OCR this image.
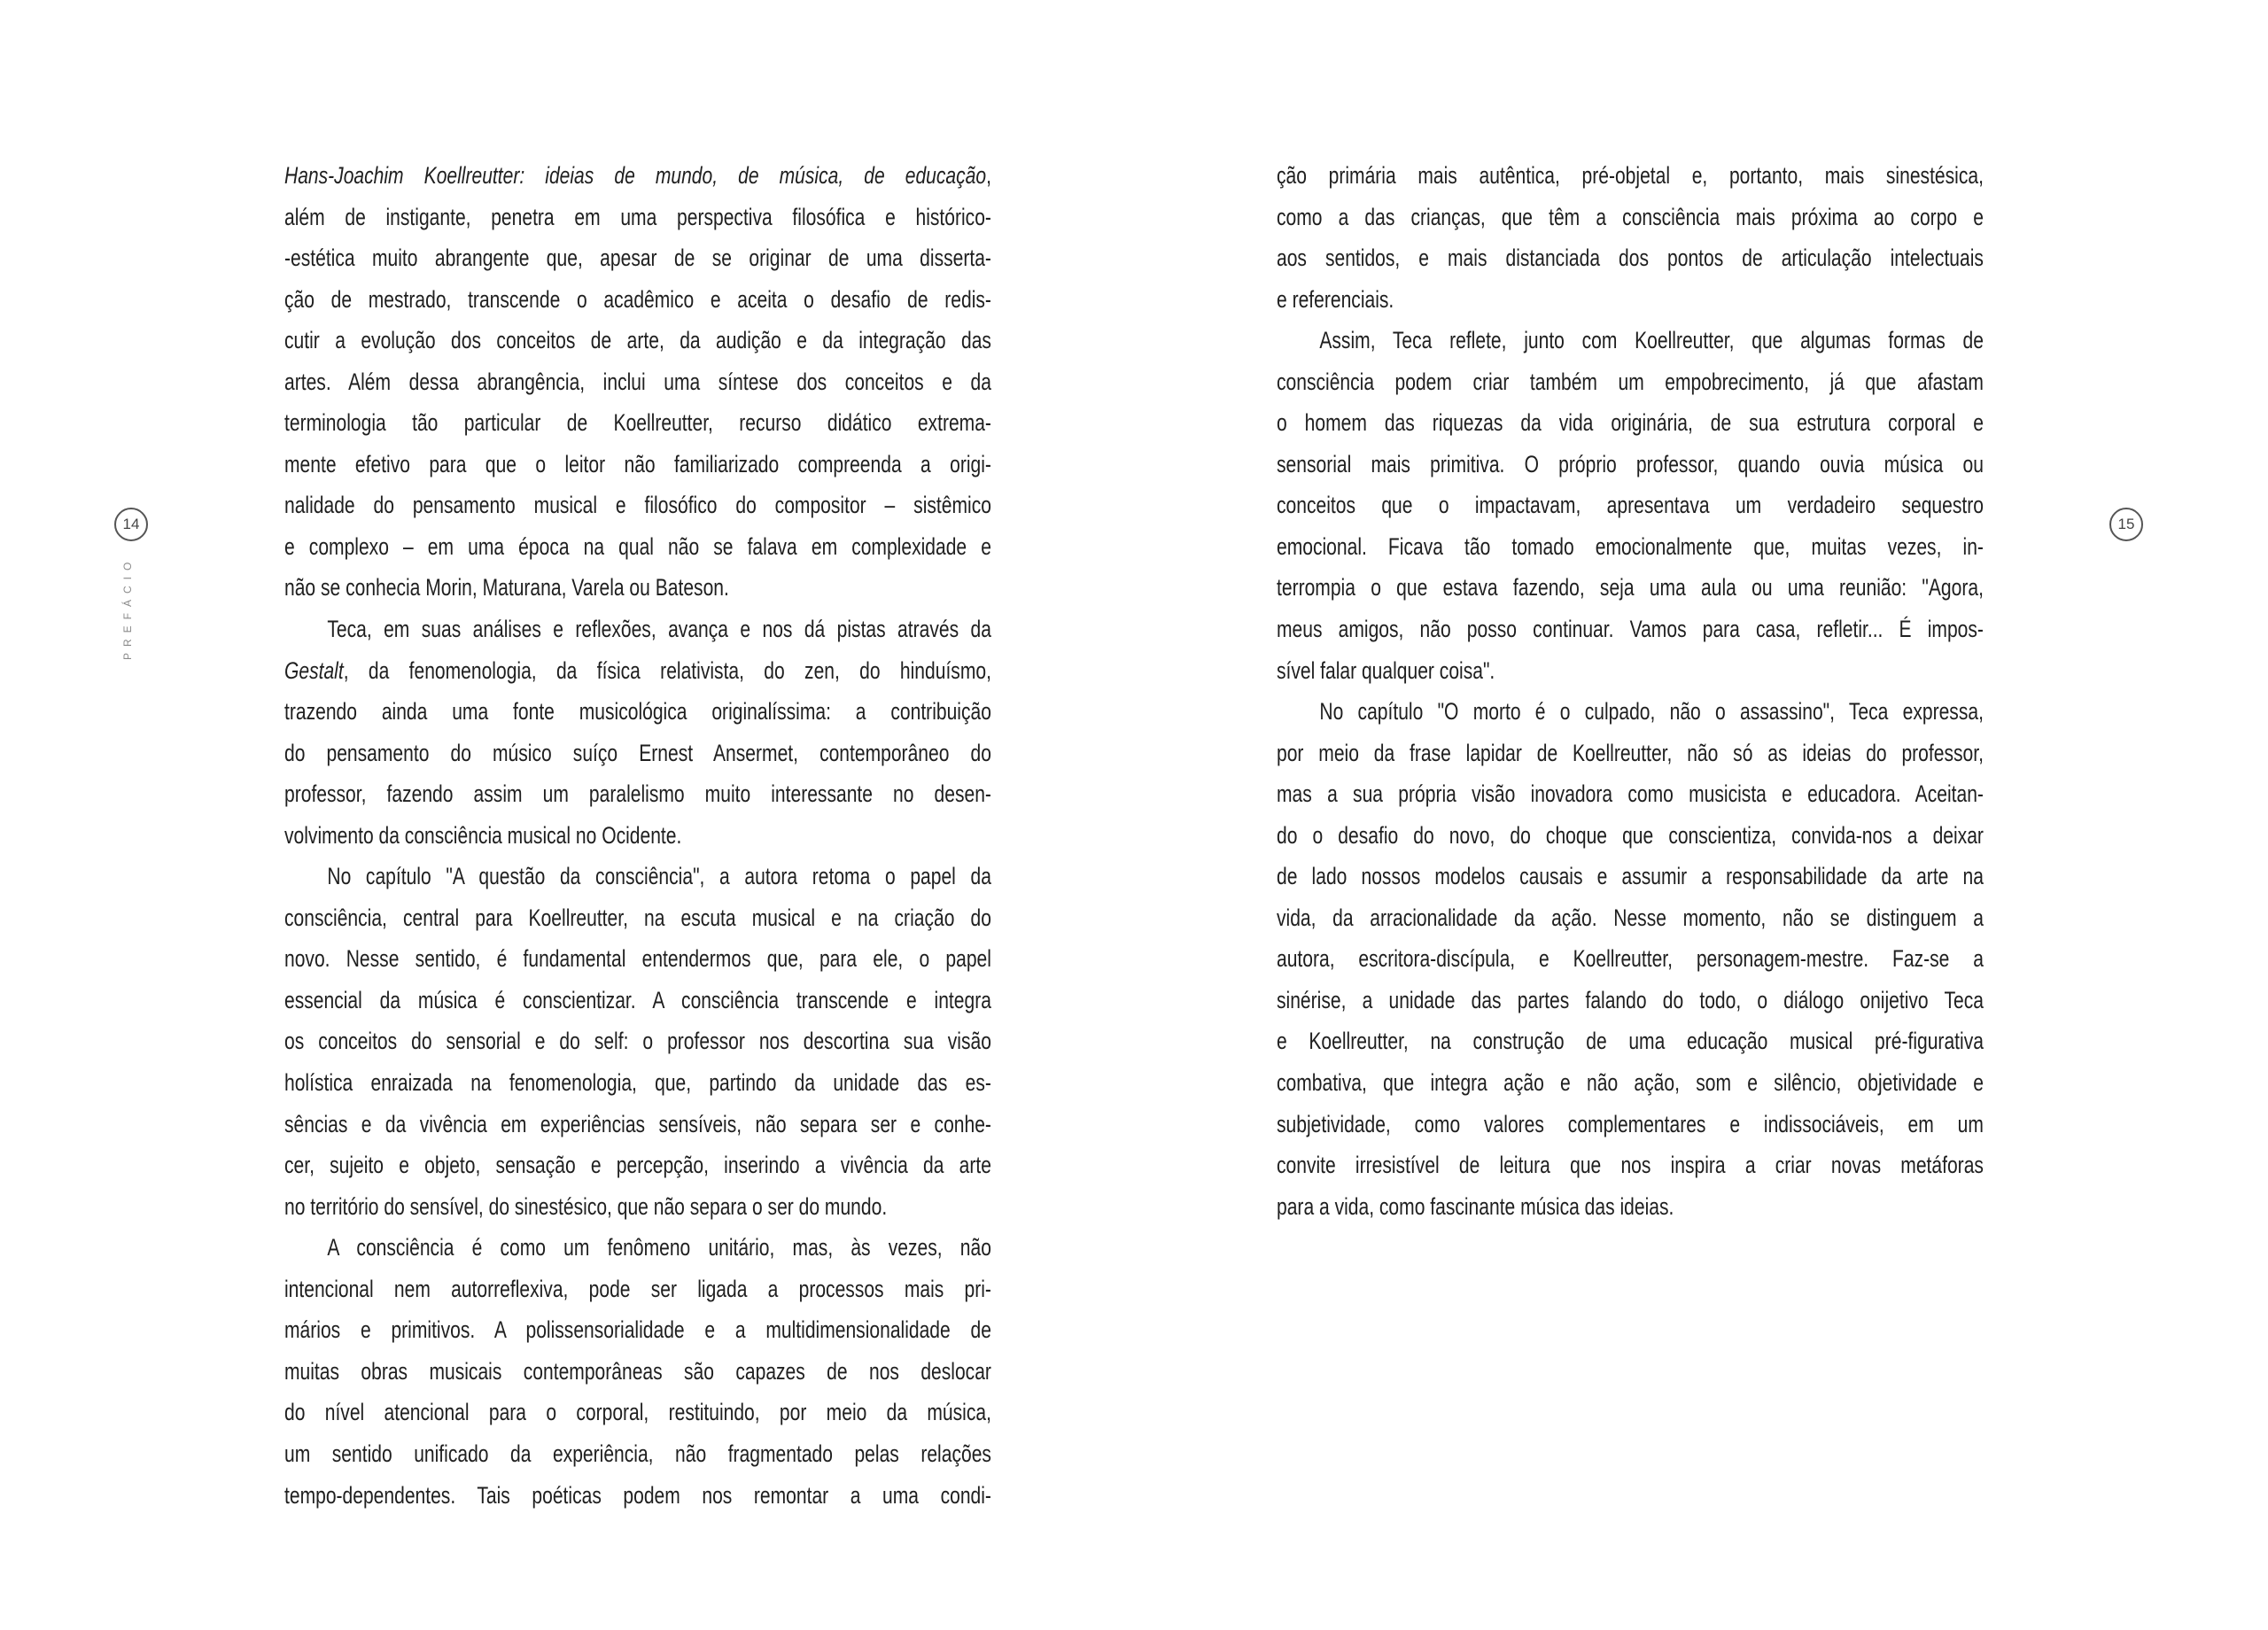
14
PREFÁCIO
Hans-Joachim Koellreutter: ideias de mundo, de música, de educação,
além de instigante, penetra em uma perspectiva filosófica e histórico-
-estética muito abrangente que, apesar de se originar de uma disserta-
ção de mestrado, transcende o acadêmico e aceita o desafio de redis-
cutir a evolução dos conceitos de arte, da audição e da integração das
artes. Além dessa abrangência, inclui uma síntese dos conceitos e da
terminologia tão particular de Koellreutter, recurso didático extrema-
mente efetivo para que o leitor não familiarizado compreenda a origi-
nalidade do pensamento musical e filosófico do compositor – sistêmico
e complexo – em uma época na qual não se falava em complexidade e
não se conhecia Morin, Maturana, Varela ou Bateson.
Teca, em suas análises e reflexões, avança e nos dá pistas através da
Gestalt, da fenomenologia, da física relativista, do zen, do hinduísmo,
trazendo ainda uma fonte musicológica originalíssima: a contribuição
do pensamento do músico suíço Ernest Ansermet, contemporâneo do
professor, fazendo assim um paralelismo muito interessante no desen-
volvimento da consciência musical no Ocidente.
No capítulo "A questão da consciência", a autora retoma o papel da
consciência, central para Koellreutter, na escuta musical e na criação do
novo. Nesse sentido, é fundamental entendermos que, para ele, o papel
essencial da música é conscientizar. A consciência transcende e integra
os conceitos do sensorial e do self: o professor nos descortina sua visão
holística enraizada na fenomenologia, que, partindo da unidade das es-
sências e da vivência em experiências sensíveis, não separa ser e conhe-
cer, sujeito e objeto, sensação e percepção, inserindo a vivência da arte
no território do sensível, do sinestésico, que não separa o ser do mundo.
A consciência é como um fenômeno unitário, mas, às vezes, não
intencional nem autorreflexiva, pode ser ligada a processos mais pri-
mários e primitivos. A polissensorialidade e a multidimensionalidade de
muitas obras musicais contemporâneas são capazes de nos deslocar
do nível atencional para o corporal, restituindo, por meio da música,
um sentido unificado da experiência, não fragmentado pelas relações
tempo-dependentes. Tais poéticas podem nos remontar a uma condi-
15
ção primária mais autêntica, pré-objetal e, portanto, mais sinestésica,
como a das crianças, que têm a consciência mais próxima ao corpo e
aos sentidos, e mais distanciada dos pontos de articulação intelectuais
e referenciais.
Assim, Teca reflete, junto com Koellreutter, que algumas formas de
consciência podem criar também um empobrecimento, já que afastam
o homem das riquezas da vida originária, de sua estrutura corporal e
sensorial mais primitiva. O próprio professor, quando ouvia música ou
conceitos que o impactavam, apresentava um verdadeiro sequestro
emocional. Ficava tão tomado emocionalmente que, muitas vezes, in-
terrompia o que estava fazendo, seja uma aula ou uma reunião: "Agora,
meus amigos, não posso continuar. Vamos para casa, refletir... É impos-
sível falar qualquer coisa".
No capítulo "O morto é o culpado, não o assassino", Teca expressa,
por meio da frase lapidar de Koellreutter, não só as ideias do professor,
mas a sua própria visão inovadora como musicista e educadora. Aceitan-
do o desafio do novo, do choque que conscientiza, convida-nos a deixar
de lado nossos modelos causais e assumir a responsabilidade da arte na
vida, da arracionalidade da ação. Nesse momento, não se distinguem a
autora, escritora-discípula, e Koellreutter, personagem-mestre. Faz-se a
sinérise, a unidade das partes falando do todo, o diálogo onijetivo Teca
e Koellreutter, na construção de uma educação musical pré-figurativa
combativa, que integra ação e não ação, som e silêncio, objetividade e
subjetividade, como valores complementares e indissociáveis, em um
convite irresistível de leitura que nos inspira a criar novas metáforas
para a vida, como fascinante música das ideias.
